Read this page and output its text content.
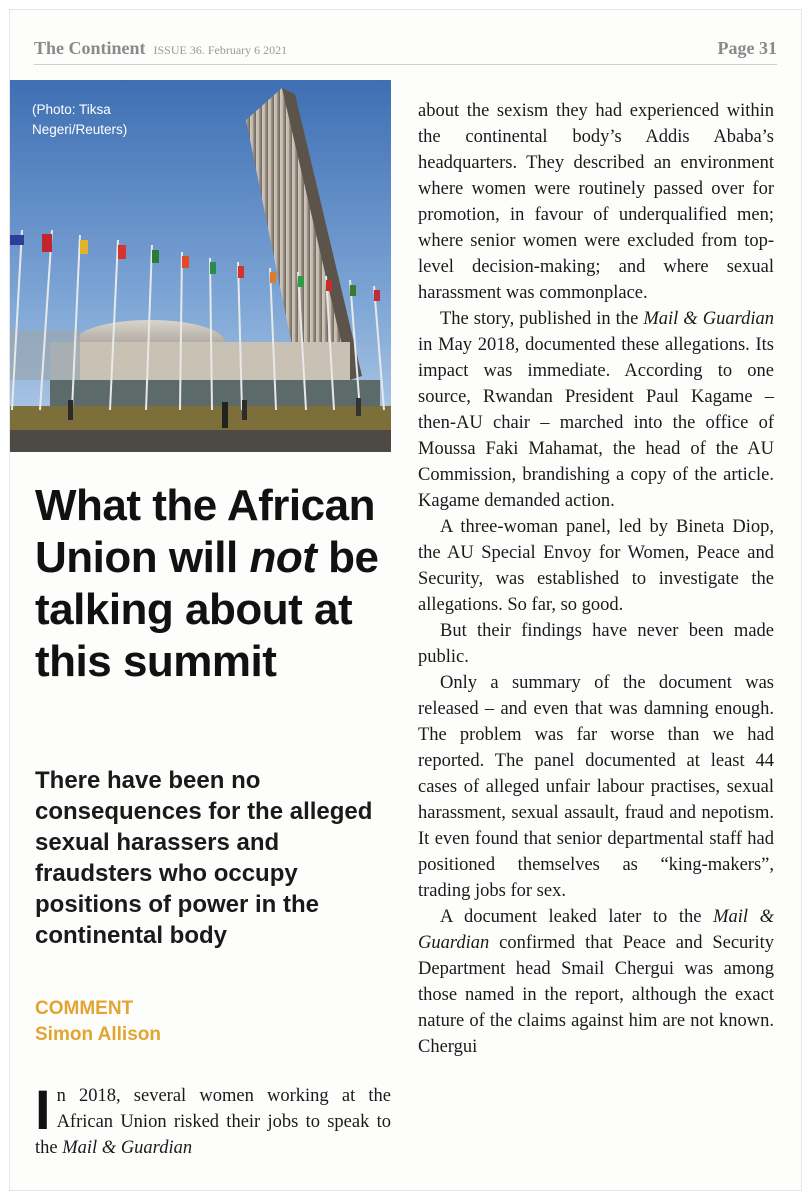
The Continent ISSUE 36. February 6 2021	Page 31
(Photo: Tiksa Negeri/Reuters)
What the African Union will not be talking about at this summit
There have been no consequences for the alleged sexual harassers and fraudsters who occupy positions of power in the continental body
COMMENT
Simon Allison
In 2018, several women working at the African Union risked their jobs to speak to the Mail & Guardian

about the sexism they had experienced within the continental body’s Addis Ababa’s headquarters. They described an environment where women were routinely passed over for promotion, in favour of underqualified men; where senior women were excluded from top-level decision-making; and where sexual harassment was commonplace.

The story, published in the Mail & Guardian in May 2018, documented these allegations. Its impact was immediate. According to one source, Rwandan President Paul Kagame – then-AU chair – marched into the office of Moussa Faki Mahamat, the head of the AU Commission, brandishing a copy of the article. Kagame demanded action.

A three-woman panel, led by Bineta Diop, the AU Special Envoy for Women, Peace and Security, was established to investigate the allegations. So far, so good.

But their findings have never been made public.

Only a summary of the document was released – and even that was damning enough. The problem was far worse than we had reported. The panel documented at least 44 cases of alleged unfair labour practises, sexual harassment, sexual assault, fraud and nepotism. It even found that senior departmental staff had positioned themselves as “king-makers”, trading jobs for sex.

A document leaked later to the Mail & Guardian confirmed that Peace and Security Department head Smail Chergui was among those named in the report, although the exact nature of the claims against him are not known. Chergui
